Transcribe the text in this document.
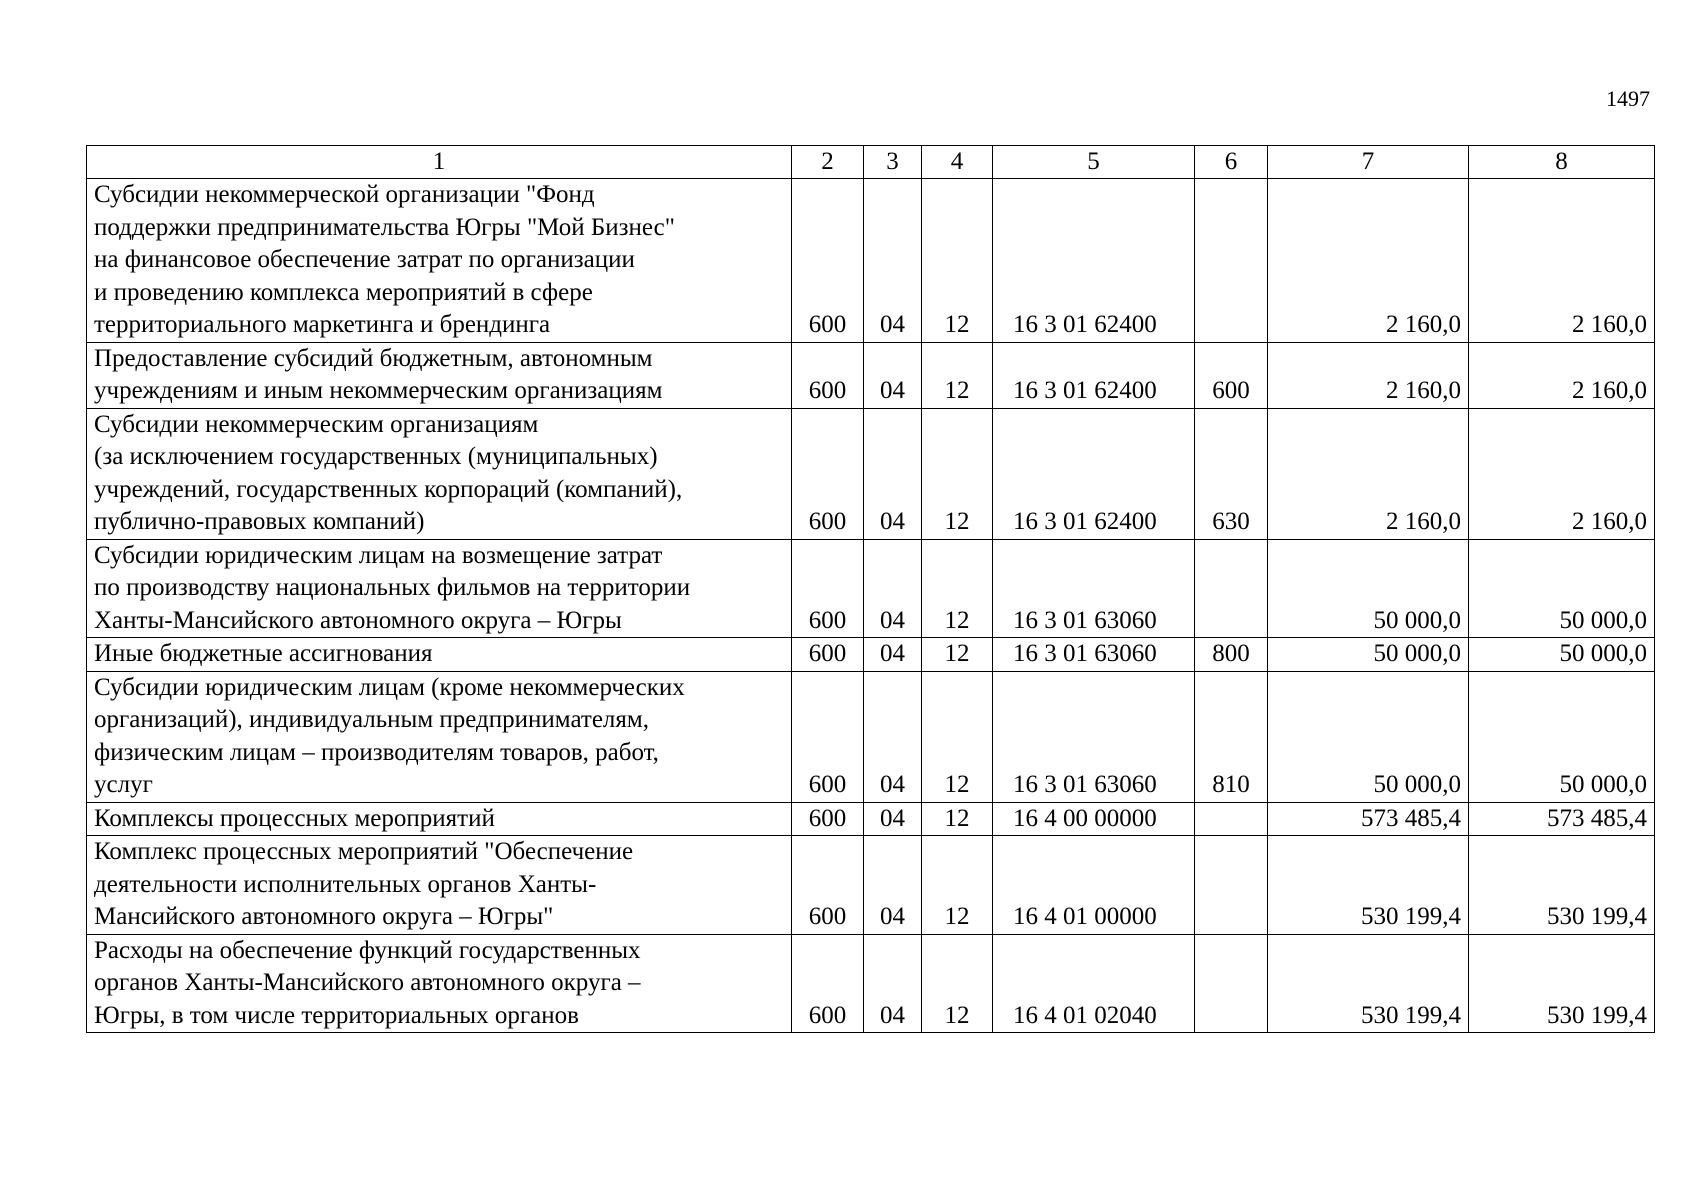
1497
1	2	3	4	5	6	7	8
Субсидии некоммерческой организации "Фонд
поддержки предпринимательства Югры "Мой Бизнес"
на финансовое обеспечение затрат по организации
и проведению комплекса мероприятий в сфере
территориального маркетинга и брендинга	600	04	12	16 3 01 62400		2 160,0	2 160,0
Предоставление субсидий бюджетным, автономным
учреждениям и иным некоммерческим организациям	600	04	12	16 3 01 62400	600	2 160,0	2 160,0
Субсидии некоммерческим организациям
(за исключением государственных (муниципальных)
учреждений, государственных корпораций (компаний),
публично-правовых компаний)	600	04	12	16 3 01 62400	630	2 160,0	2 160,0
Субсидии юридическим лицам на возмещение затрат
по производству национальных фильмов на территории
Ханты-Мансийского автономного округа – Югры	600	04	12	16 3 01 63060		50 000,0	50 000,0
Иные бюджетные ассигнования	600	04	12	16 3 01 63060	800	50 000,0	50 000,0
Субсидии юридическим лицам (кроме некоммерческих
организаций), индивидуальным предпринимателям,
физическим лицам – производителям товаров, работ,
услуг	600	04	12	16 3 01 63060	810	50 000,0	50 000,0
Комплексы процессных мероприятий	600	04	12	16 4 00 00000		573 485,4	573 485,4
Комплекс процессных мероприятий "Обеспечение
деятельности исполнительных органов Ханты-
Мансийского автономного округа – Югры"	600	04	12	16 4 01 00000		530 199,4	530 199,4
Расходы на обеспечение функций государственных
органов Ханты-Мансийского автономного округа –
Югры, в том числе территориальных органов	600	04	12	16 4 01 02040		530 199,4	530 199,4
